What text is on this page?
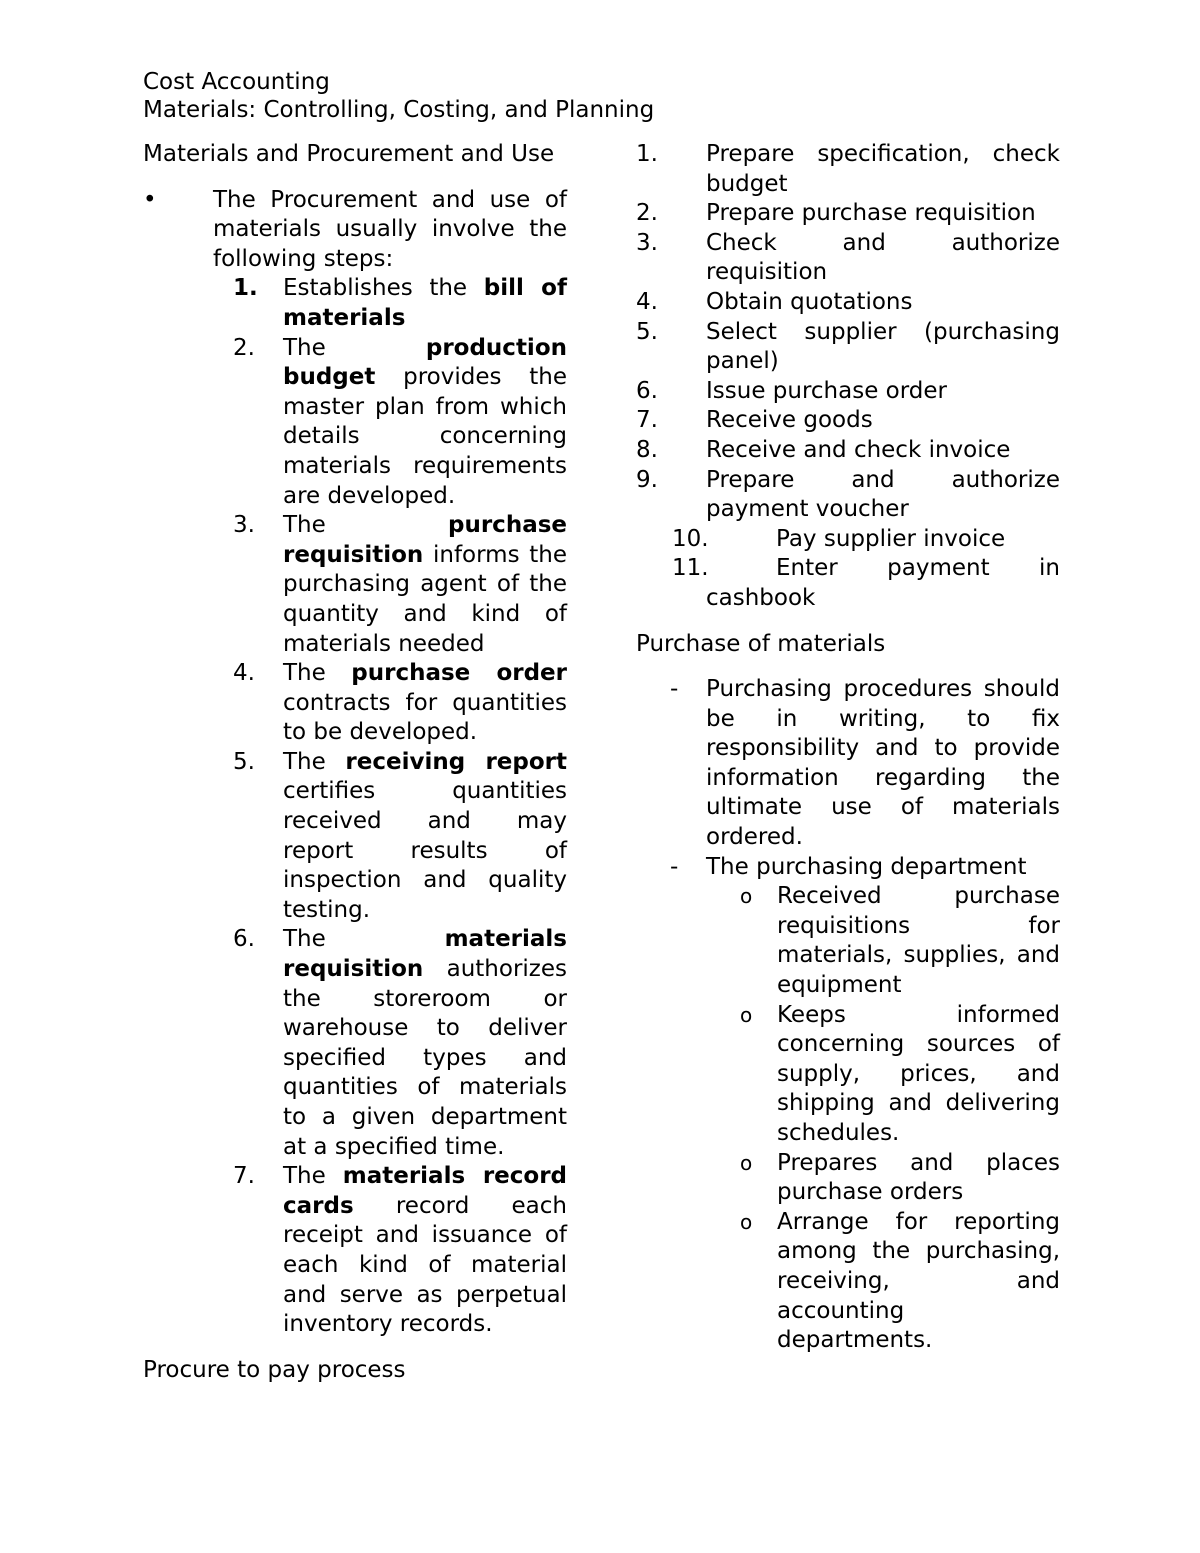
Cost Accounting
Materials: Controlling, Costing, and Planning
Materials and Procurement and Use
•	The Procurement and use of materials usually involve the following steps:
1.	Establishes the bill of materials
2.	The production budget provides the master plan from which details concerning materials requirements are developed.
3.	The purchase requisition informs the purchasing agent of the quantity and kind of materials needed
4.	The purchase order contracts for quantities to be developed.
5.	The receiving report certifies quantities received and may report results of inspection and quality testing.
6.	The materials requisition authorizes the storeroom or warehouse to deliver specified types and quantities of materials to a given department at a specified time.
7.	The materials record cards record each receipt and issuance of each kind of material and serve as perpetual inventory records.
Procure to pay process
1.	Prepare specification, check budget
2.	Prepare purchase requisition
3.	Check and authorize requisition
4.	Obtain quotations
5.	Select supplier (purchasing panel)
6.	Issue purchase order
7.	Receive goods
8.	Receive and check invoice
9.	Prepare and authorize payment voucher
10.	Pay supplier invoice
11.	Enter payment in cashbook
Purchase of materials
- Purchasing procedures should be in writing, to fix responsibility and to provide information regarding the ultimate use of materials ordered.
- The purchasing department
o Received purchase requisitions for materials, supplies, and equipment
o Keeps informed concerning sources of supply, prices, and shipping and delivering schedules.
o Prepares and places purchase orders
o Arrange for reporting among the purchasing, receiving, and accounting departments.
